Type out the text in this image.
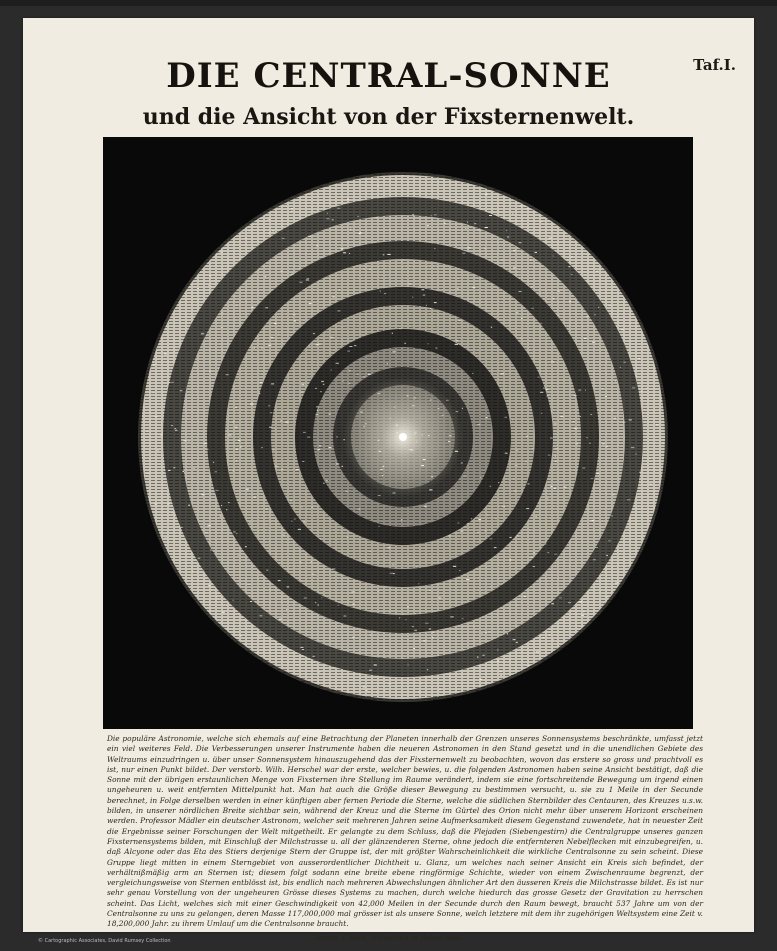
Taf.I.
DIE CENTRAL-SONNE
und die Ansicht von der Fixsternenwelt.
Die populäre Astronomie, welche sich ehemals auf eine Betrachtung der Planeten innerhalb der Grenzen unseres Sonnensystems beschränkte, umfasst jetzt ein viel weiteres Feld. Die Verbesserungen unserer Instrumente haben die neueren Astronomen in den Stand gesetzt und in die unendlichen Gebiete des Weltraums einzudringen u. über unser Sonnensystem hinauszugehend das der Fixsternenwelt zu beobachten, wovon das erstere so gross und prachtvoll es ist, nur einen Punkt bildet. Der verstorb. Wilh. Herschel war der erste, welcher bewies, u. die folgenden Astronomen haben seine Ansicht bestätigt, daß die Sonne mit der übrigen erstaunlichen Menge von Fixsternen ihre Stellung im Raume verändert, indem sie eine fortschreitende Bewegung um irgend einen ungeheuren u. weit entfernten Mittelpunkt hat. Man hat auch die Größe dieser Bewegung zu bestimmen versucht, u. sie zu 1 Meile in der Secunde berechnet, in Folge derselben werden in einer künftigen aber fernen Periode die Sterne, welche die südlichen Sternbilder des Centauren, des Kreuzes u.s.w. bilden, in unserer nördlichen Breite sichtbar sein, während der Kreuz und die Sterne im Gürtel des Orion nicht mehr über unserem Horizont erscheinen werden. Professor Mädler ein deutscher Astronom, welcher seit mehreren Jahren seine Aufmerksamkeit diesem Gegenstand zuwendete, hat in neuester Zeit die Ergebnisse seiner Forschungen der Welt mitgetheilt. Er gelangte zu dem Schluss, daß die Plejaden (Siebengestirn) die Centralgruppe unseres ganzen Fixsternensystems bilden, mit Einschluß der Milchstrasse u. all der glänzenderen Sterne, ohne jedoch die entfernteren Nebelflecken mit einzubegreifen, u. daß Alcyone oder das Eta des Stiers derjenige Stern der Gruppe ist, der mit größter Wahrscheinlichkeit die wirkliche Centralsonne zu sein scheint. Diese Gruppe liegt mitten in einem Sterngebiet von ausserordentlicher Dichtheit u. Glanz, um welches nach seiner Ansicht ein Kreis sich befindet, der verhältnißmäßig arm an Sternen ist; diesem folgt sodann eine breite ebene ringförmige Schichte, wieder von einem Zwischenraume begrenzt, der vergleichungsweise von Sternen entblösst ist, bis endlich nach mehreren Abwechslungen ähnlicher Art den äusseren Kreis die Milchstrasse bildet. Es ist nur sehr genau Vorstellung von der ungeheuren Grösse dieses Systems zu machen, durch welche hiedurch das grosse Gesetz der Gravitation zu herrschen scheint. Das Licht, welches sich mit einer Geschwindigkeit von 42,000 Meilen in der Secunde durch den Raum bewegt, braucht 537 Jahre um von der Centralsonne zu uns zu gelangen, deren Masse 117,000,000 mal grösser ist als unsere Sonne, welch letztere mit dem ihr zugehörigen Weltsystem eine Zeit v. 18,200,000 Jahr. zu ihrem Umlauf um die Centralsonne braucht.
Verlag v. Wilh. Nitzschke in Schw. Hall.
© Cartographic Associates, David Rumsey Collection
